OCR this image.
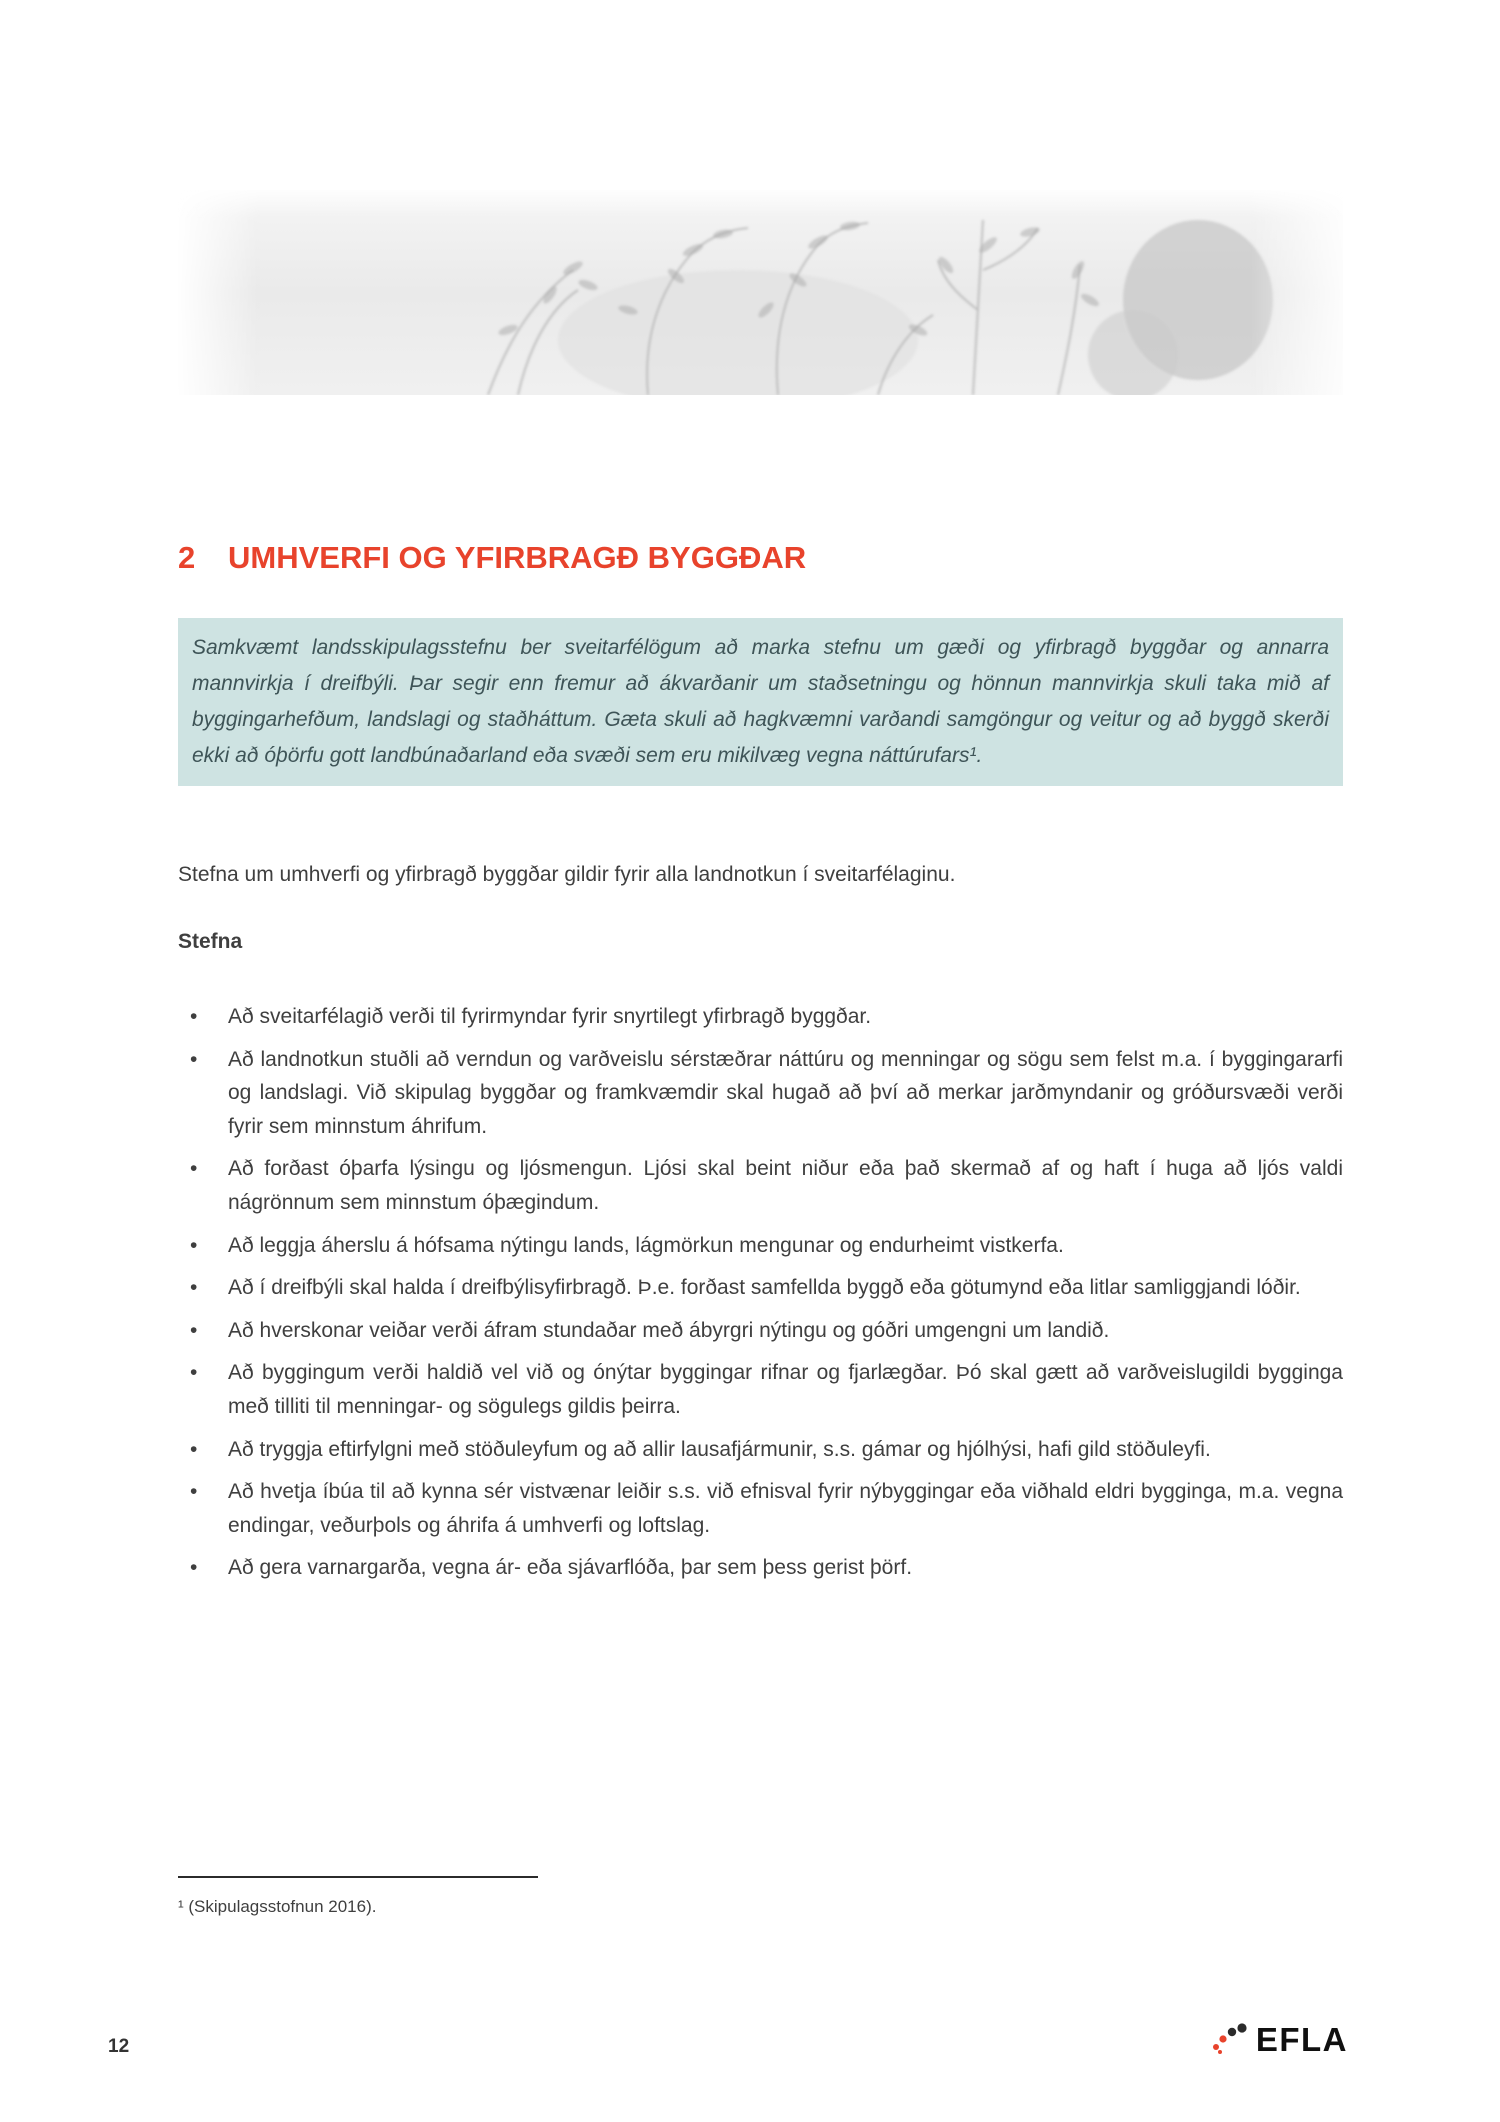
2	UMHVERFI OG YFIRBRAGÐ BYGGÐAR
Samkvæmt landsskipulagsstefnu ber sveitarfélögum að marka stefnu um gæði og yfirbragð byggðar og annarra mannvirkja í dreifbýli. Þar segir enn fremur að ákvarðanir um staðsetningu og hönnun mannvirkja skuli taka mið af byggingarhefðum, landslagi og staðháttum. Gæta skuli að hagkvæmni varðandi samgöngur og veitur og að byggð skerði ekki að óþörfu gott landbúnaðarland eða svæði sem eru mikilvæg vegna náttúrufars¹.

Stefna um umhverfi og yfirbragð byggðar gildir fyrir alla landnotkun í sveitarfélaginu.

Stefna

• Að sveitarfélagið verði til fyrirmyndar fyrir snyrtilegt yfirbragð byggðar.
• Að landnotkun stuðli að verndun og varðveislu sérstæðrar náttúru og menningar og sögu sem felst m.a. í byggingararfi og landslagi. Við skipulag byggðar og framkvæmdir skal hugað að því að merkar jarðmyndanir og gróðursvæði verði fyrir sem minnstum áhrifum.
• Að forðast óþarfa lýsingu og ljósmengun. Ljósi skal beint niður eða það skermað af og haft í huga að ljós valdi nágrönnum sem minnstum óþægindum.
• Að leggja áherslu á hófsama nýtingu lands, lágmörkun mengunar og endurheimt vistkerfa.
• Að í dreifbýli skal halda í dreifbýlisyfirbragð. Þ.e. forðast samfellda byggð eða götumynd eða litlar samliggjandi lóðir.
• Að hverskonar veiðar verði áfram stundaðar með ábyrgri nýtingu og góðri umgengni um landið.
• Að byggingum verði haldið vel við og ónýtar byggingar rifnar og fjarlægðar. Þó skal gætt að varðveislugildi bygginga með tilliti til menningar- og sögulegs gildis þeirra.
• Að tryggja eftirfylgni með stöðuleyfum og að allir lausafjármunir, s.s. gámar og hjólhýsi, hafi gild stöðuleyfi.
• Að hvetja íbúa til að kynna sér vistvænar leiðir s.s. við efnisval fyrir nýbyggingar eða viðhald eldri bygginga, m.a. vegna endingar, veðurþols og áhrifa á umhverfi og loftslag.
• Að gera varnargarða, vegna ár- eða sjávarflóða, þar sem þess gerist þörf.

¹ (Skipulagsstofnun 2016).

12	EFLA
